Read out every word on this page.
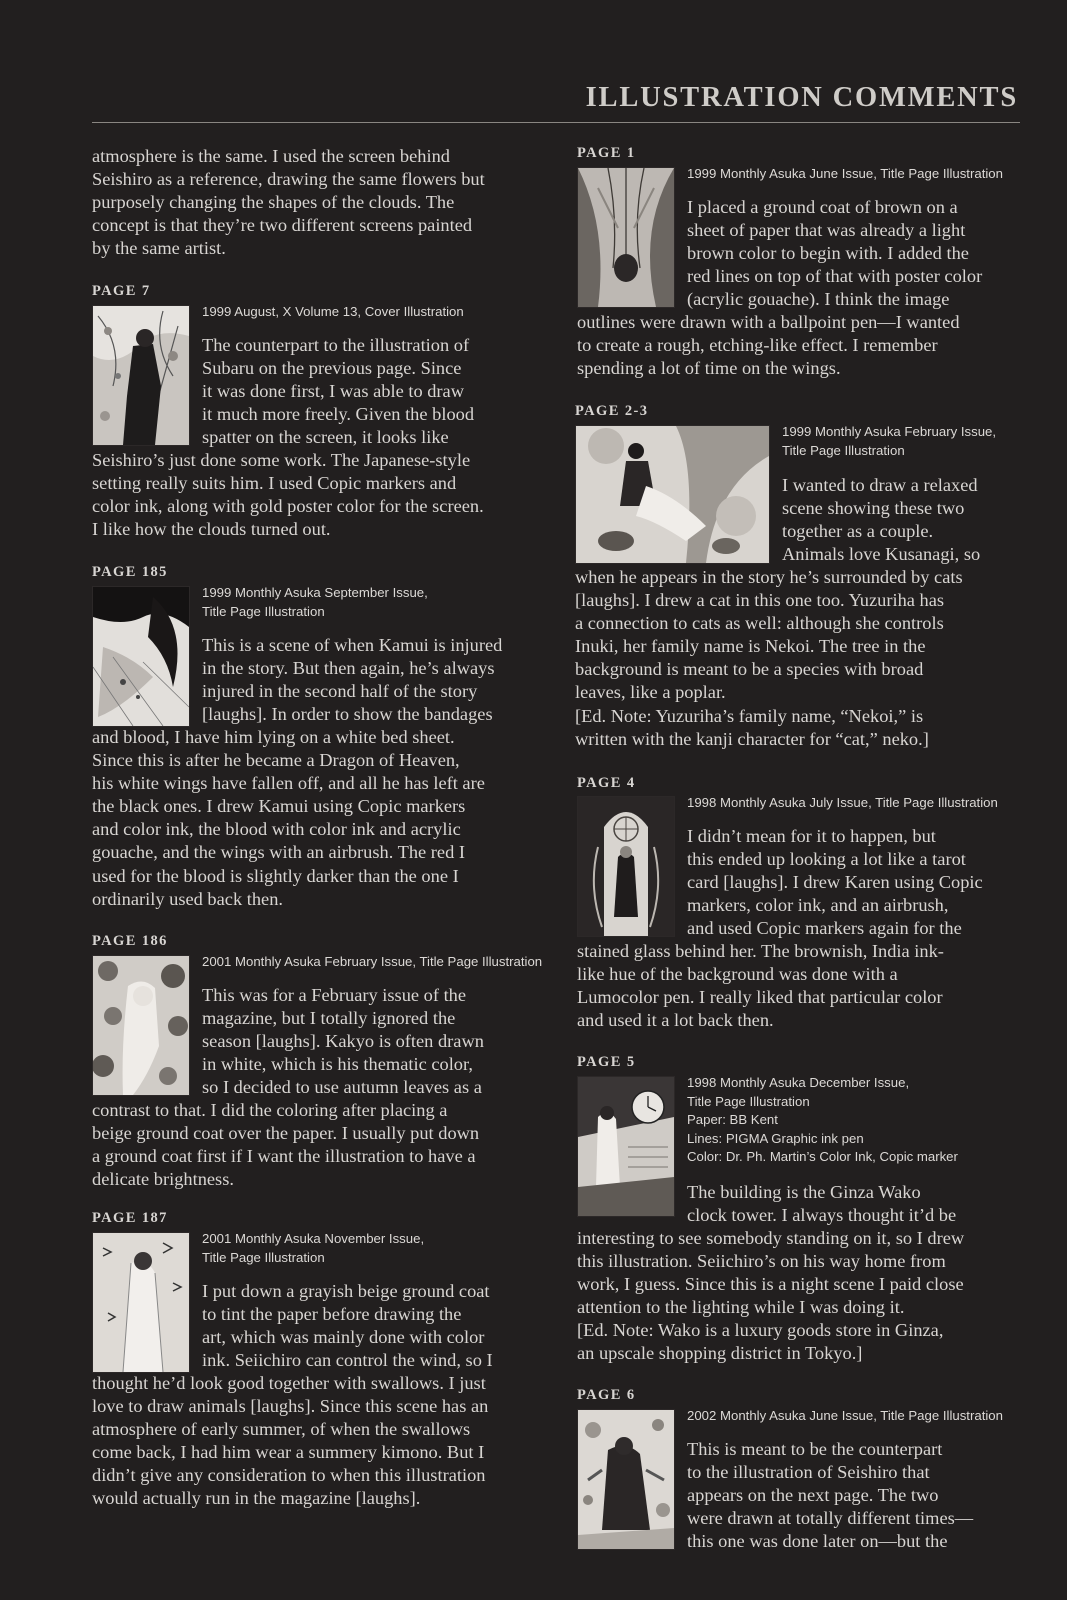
ILLUSTRATION COMMENTS
atmosphere is the same. I used the screen behind
Seishiro as a reference, drawing the same flowers but
purposely changing the shapes of the clouds. The
concept is that they’re two different screens painted
by the same artist.
PAGE 7
1999 August, X Volume 13, Cover Illustration
The counterpart to the illustration of
Subaru on the previous page. Since
it was done first, I was able to draw
it much more freely. Given the blood
spatter on the screen, it looks like
Seishiro’s just done some work. The Japanese-style
setting really suits him. I used Copic markers and
color ink, along with gold poster color for the screen.
I like how the clouds turned out.
PAGE 185
1999 Monthly Asuka September Issue,
Title Page Illustration
This is a scene of when Kamui is injured
in the story. But then again, he’s always
injured in the second half of the story
[laughs]. In order to show the bandages
and blood, I have him lying on a white bed sheet.
Since this is after he became a Dragon of Heaven,
his white wings have fallen off, and all he has left are
the black ones. I drew Kamui using Copic markers
and color ink, the blood with color ink and acrylic
gouache, and the wings with an airbrush. The red I
used for the blood is slightly darker than the one I
ordinarily used back then.
PAGE 186
2001 Monthly Asuka February Issue, Title Page Illustration
This was for a February issue of the
magazine, but I totally ignored the
season [laughs]. Kakyo is often drawn
in white, which is his thematic color,
so I decided to use autumn leaves as a
contrast to that. I did the coloring after placing a
beige ground coat over the paper. I usually put down
a ground coat first if I want the illustration to have a
delicate brightness.
PAGE 187
2001 Monthly Asuka November Issue,
Title Page Illustration
I put down a grayish beige ground coat
to tint the paper before drawing the
art, which was mainly done with color
ink. Seiichiro can control the wind, so I
thought he’d look good together with swallows. I just
love to draw animals [laughs]. Since this scene has an
atmosphere of early summer, of when the swallows
come back, I had him wear a summery kimono. But I
didn’t give any consideration to when this illustration
would actually run in the magazine [laughs].
PAGE 1
1999 Monthly Asuka June Issue, Title Page Illustration
I placed a ground coat of brown on a
sheet of paper that was already a light
brown color to begin with. I added the
red lines on top of that with poster color
(acrylic gouache). I think the image
outlines were drawn with a ballpoint pen—I wanted
to create a rough, etching-like effect. I remember
spending a lot of time on the wings.
PAGE 2-3
1999 Monthly Asuka February Issue,
Title Page Illustration
I wanted to draw a relaxed
scene showing these two
together as a couple.
Animals love Kusanagi, so
when he appears in the story he’s surrounded by cats
[laughs]. I drew a cat in this one too. Yuzuriha has
a connection to cats as well: although she controls
Inuki, her family name is Nekoi. The tree in the
background is meant to be a species with broad
leaves, like a poplar.
[Ed. Note: Yuzuriha’s family name, “Nekoi,” is
written with the kanji character for “cat,” neko.]
PAGE 4
1998 Monthly Asuka July Issue, Title Page Illustration
I didn’t mean for it to happen, but
this ended up looking a lot like a tarot
card [laughs]. I drew Karen using Copic
markers, color ink, and an airbrush,
and used Copic markers again for the
stained glass behind her. The brownish, India ink-
like hue of the background was done with a
Lumocolor pen. I really liked that particular color
and used it a lot back then.
PAGE 5
1998 Monthly Asuka December Issue,
Title Page Illustration
Paper: BB Kent
Lines: PIGMA Graphic ink pen
Color: Dr. Ph. Martin’s Color Ink, Copic marker
The building is the Ginza Wako
clock tower. I always thought it’d be
interesting to see somebody standing on it, so I drew
this illustration. Seiichiro’s on his way home from
work, I guess. Since this is a night scene I paid close
attention to the lighting while I was doing it.
[Ed. Note: Wako is a luxury goods store in Ginza,
an upscale shopping district in Tokyo.]
PAGE 6
2002 Monthly Asuka June Issue, Title Page Illustration
This is meant to be the counterpart
to the illustration of Seishiro that
appears on the next page. The two
were drawn at totally different times—
this one was done later on—but the
